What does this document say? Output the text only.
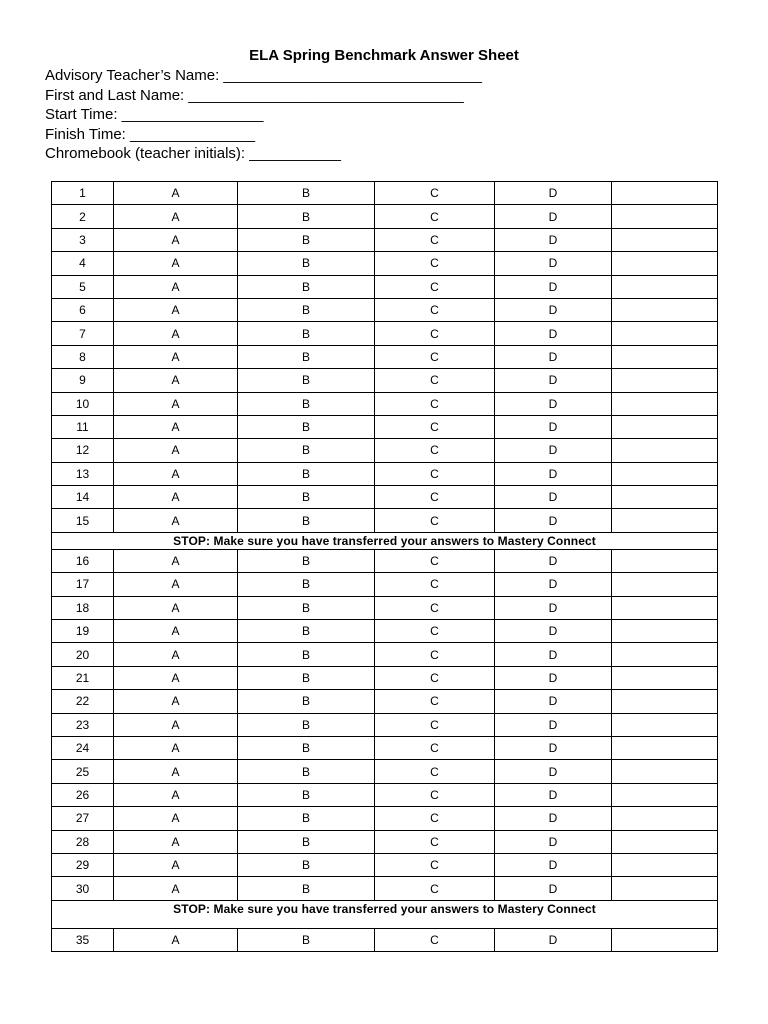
ELA Spring Benchmark Answer Sheet
Advisory Teacher’s Name: _______________________________
First and Last Name: _________________________________
Start Time: _________________
Finish Time: _______________
Chromebook (teacher initials): ___________
1	A	B	C	D	
2	A	B	C	D	
3	A	B	C	D	
4	A	B	C	D	
5	A	B	C	D	
6	A	B	C	D	
7	A	B	C	D	
8	A	B	C	D	
9	A	B	C	D	
10	A	B	C	D	
11	A	B	C	D	
12	A	B	C	D	
13	A	B	C	D	
14	A	B	C	D	
15	A	B	C	D	
STOP: Make sure you have transferred your answers to Mastery Connect					
16	A	B	C	D	
17	A	B	C	D	
18	A	B	C	D	
19	A	B	C	D	
20	A	B	C	D	
21	A	B	C	D	
22	A	B	C	D	
23	A	B	C	D	
24	A	B	C	D	
25	A	B	C	D	
26	A	B	C	D	
27	A	B	C	D	
28	A	B	C	D	
29	A	B	C	D	
30	A	B	C	D	
STOP: Make sure you have transferred your answers to Mastery Connect					
35	A	B	C	D	
